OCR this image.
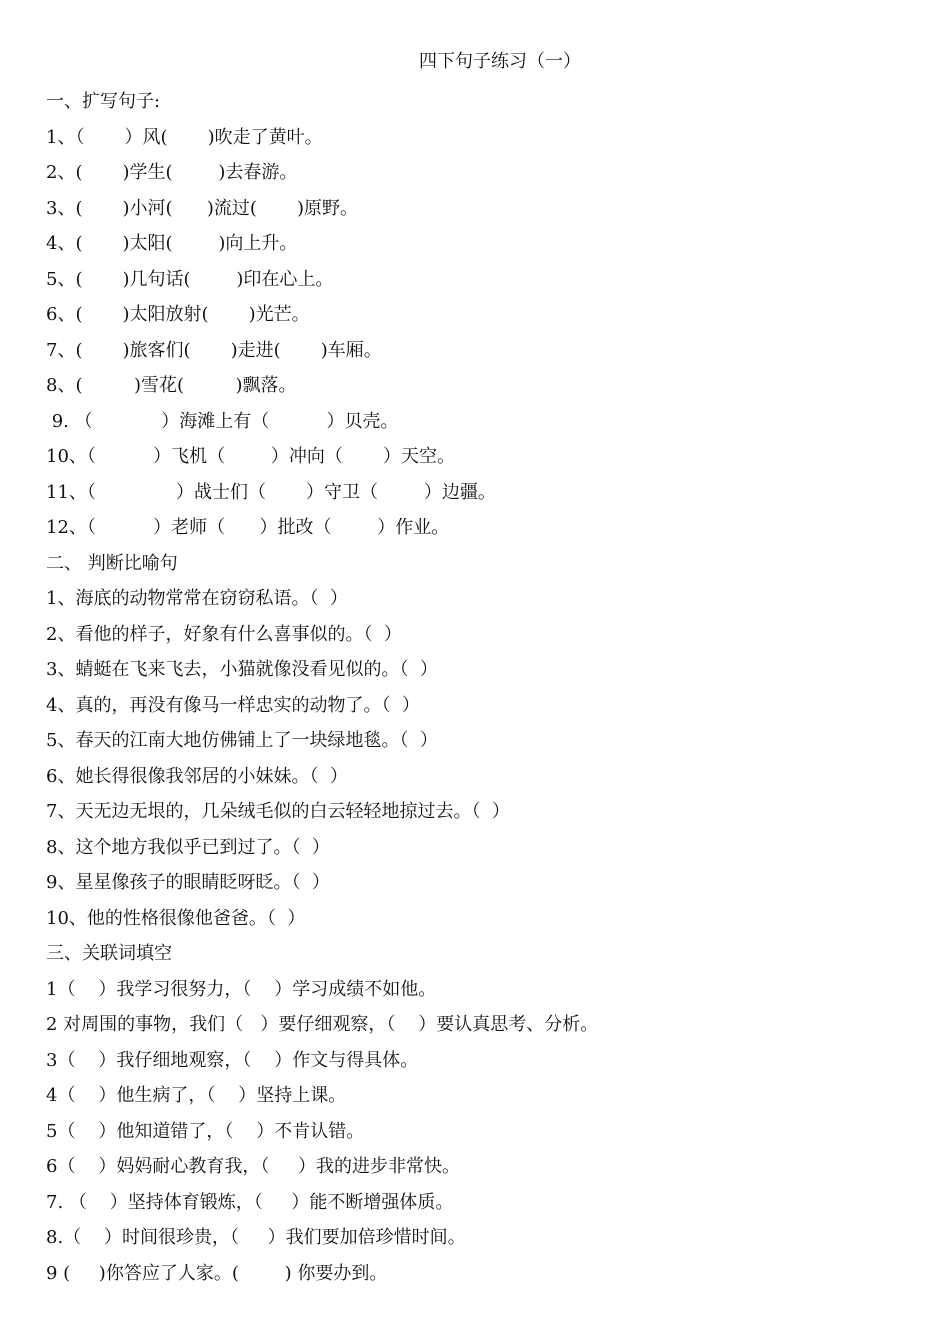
四下句子练习（一）
一、扩写句子:
1、（       ）风(       )吹走了黄叶。
2、(       )学生(        )去春游。
3、(       )小河(      )流过(       )原野。
4、(       )太阳(        )向上升。
5、(       )几句话(        )印在心上。
6、(       )太阳放射(       )光芒。
7、(       )旅客们(       )走进(       )车厢。
8、(         )雪花(         )飘落。
9. （            ）海滩上有（          ）贝壳。
10、（          ）飞机（        ）冲向（       ）天空。
11、（              ）战士们（       ）守卫（        ）边疆。
12、（          ）老师（      ）批改（        ）作业。
二、 判断比喻句
1、海底的动物常常在窃窃私语。（  ）
2、看他的样子，好象有什么喜事似的。（  ）
3、蜻蜓在飞来飞去，小猫就像没看见似的。（  ）
4、真的，再没有像马一样忠实的动物了。（  ）
5、春天的江南大地仿佛铺上了一块绿地毯。（  ）
6、她长得很像我邻居的小妹妹。（  ）
7、天无边无垠的，几朵绒毛似的白云轻轻地掠过去。（  ）
8、这个地方我似乎已到过了。（  ）
9、星星像孩子的眼睛眨呀眨。（  ）
10、他的性格很像他爸爸。（  ）
三、关联词填空
1（    ）我学习很努力，（    ）学习成绩不如他。
2 对周围的事物，我们（   ）要仔细观察，（    ）要认真思考、分析。
3（    ）我仔细地观察，（    ）作文与得具体。
4（    ）他生病了，（    ）坚持上课。
5（    ）他知道错了，（    ）不肯认错。
6（    ）妈妈耐心教育我，（     ）我的进步非常快。
7. （    ）坚持体育锻炼，（     ）能不断增强体质。
8.（    ）时间很珍贵，（     ）我们要加倍珍惜时间。
9 (     )你答应了人家。(        ) 你要办到。
